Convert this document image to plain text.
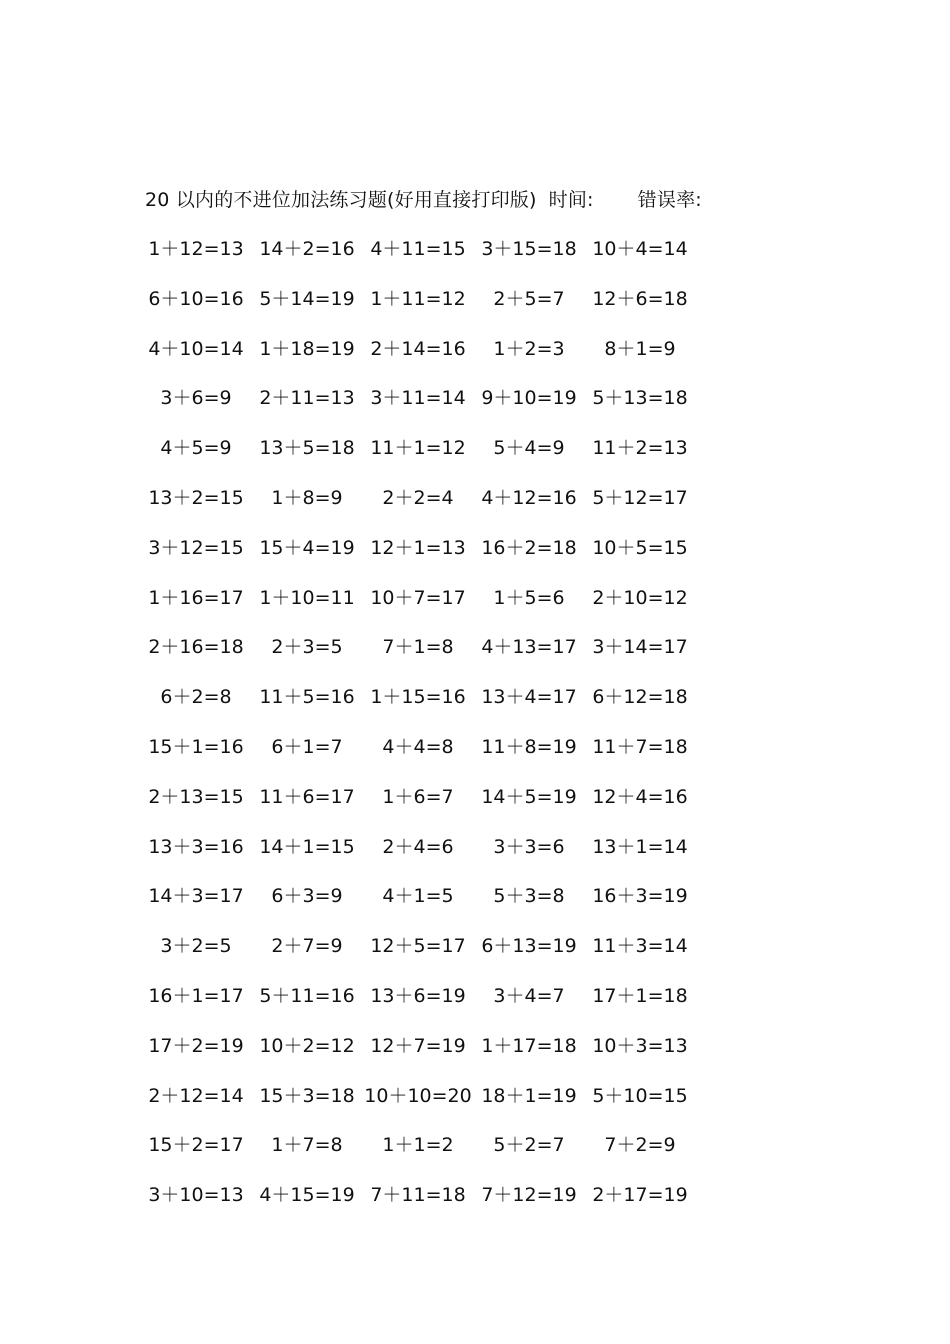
20 以内的不进位加法练习题(好用直接打印版) 时间: 错误率:
1＋12=13 14＋2=16 4＋11=15 3＋15=18 10＋4=14
6＋10=16 5＋14=19 1＋11=12	2＋5=7	12＋6=18
4＋10=14 1＋18=19 2＋14=16	1＋2=3	8＋1=9
3＋6=9	2＋11=13 3＋11=14 9＋10=19 5＋13=18
4＋5=9	13＋5=18 11＋1=12	5＋4=9	11＋2=13
13＋2=15	1＋8=9	2＋2=4	4＋12=16 5＋12=17
3＋12=15 15＋4=19 12＋1=13 16＋2=18 10＋5=15
1＋16=17 1＋10=11 10＋7=17	1＋5=6	2＋10=12
2＋16=18	2＋3=5	7＋1=8	4＋13=17 3＋14=17
6＋2=8	11＋5=16 1＋15=16 13＋4=17 6＋12=18
15＋1=16	6＋1=7	4＋4=8	11＋8=19 11＋7=18
2＋13=15 11＋6=17	1＋6=7	14＋5=19 12＋4=16
13＋3=16 14＋1=15	2＋4=6	3＋3=6	13＋1=14
14＋3=17	6＋3=9	4＋1=5	5＋3=8	16＋3=19
3＋2=5	2＋7=9	12＋5=17 6＋13=19 11＋3=14
16＋1=17 5＋11=16 13＋6=19	3＋4=7	17＋1=18
17＋2=19 10＋2=12 12＋7=19 1＋17=18 10＋3=13
2＋12=14 15＋3=18 10＋10=20 18＋1=19 5＋10=15
15＋2=17	1＋7=8	1＋1=2	5＋2=7	7＋2=9
3＋10=13 4＋15=19 7＋11=18 7＋12=19 2＋17=19
